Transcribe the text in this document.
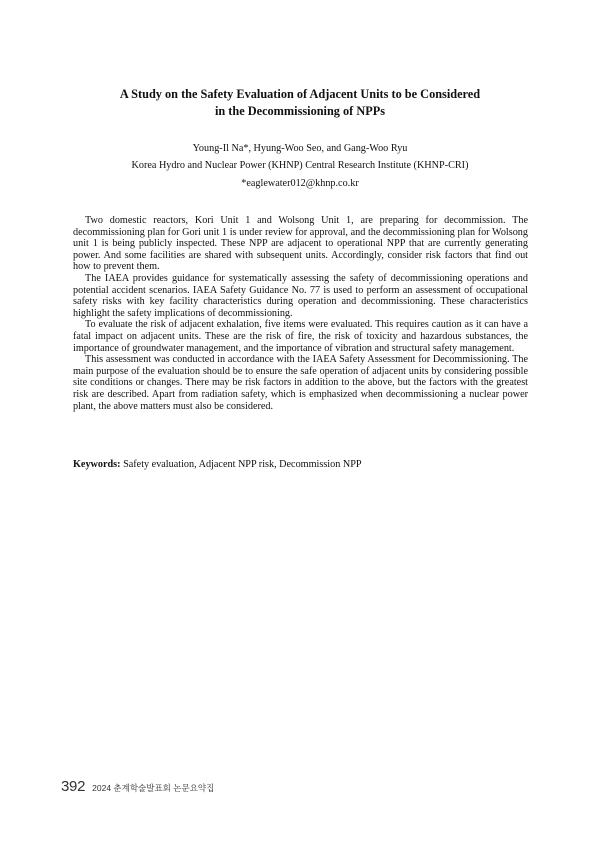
A Study on the Safety Evaluation of Adjacent Units to be Considered
in the Decommissioning of NPPs
Young-Il Na*, Hyung-Woo Seo, and Gang-Woo Ryu
Korea Hydro and Nuclear Power (KHNP) Central Research Institute (KHNP-CRI)
*eaglewater012@khnp.co.kr

Two domestic reactors, Kori Unit 1 and Wolsong Unit 1, are preparing for decommission. The decommissioning plan for Gori unit 1 is under review for approval, and the decommissioning plan for Wolsong unit 1 is being publicly inspected. These NPP are adjacent to operational NPP that are currently generating power. And some facilities are shared with subsequent units. Accordingly, consider risk factors that find out how to prevent them.

The IAEA provides guidance for systematically assessing the safety of decommissioning operations and potential accident scenarios. IAEA Safety Guidance No. 77 is used to perform an assessment of occupational safety risks with key facility characteristics during operation and decommissioning. These characteristics highlight the safety implications of decommissioning.

To evaluate the risk of adjacent exhalation, five items were evaluated. This requires caution as it can have a fatal impact on adjacent units. These are the risk of fire, the risk of toxicity and hazardous substances, the importance of groundwater management, and the importance of vibration and structural safety management.

This assessment was conducted in accordance with the IAEA Safety Assessment for Decommissioning. The main purpose of the evaluation should be to ensure the safe operation of adjacent units by considering possible site conditions or changes. There may be risk factors in addition to the above, but the factors with the greatest risk are described. Apart from radiation safety, which is emphasized when decommissioning a nuclear power plant, the above matters must also be considered.

Keywords: Safety evaluation, Adjacent NPP risk, Decommission NPP
392 2024 춘계학술발표회 논문요약집
